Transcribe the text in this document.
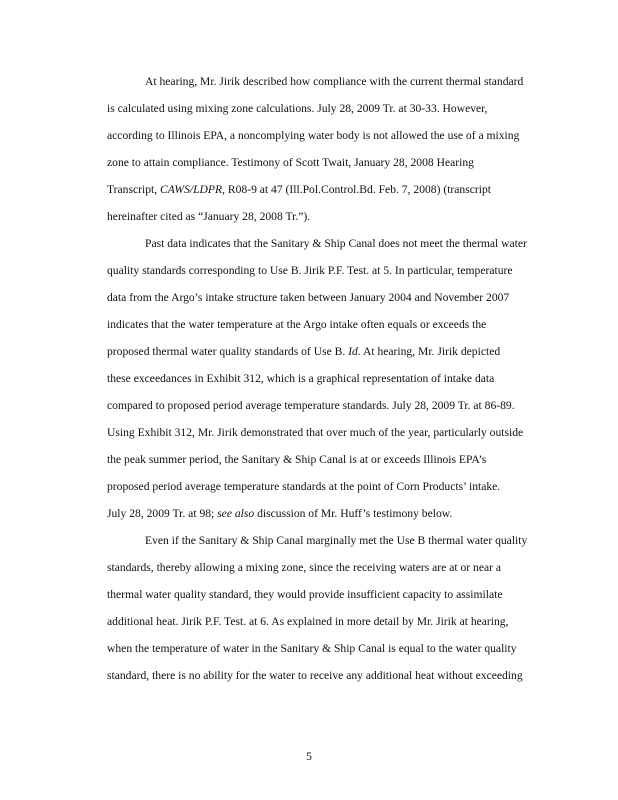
At hearing, Mr. Jirik described how compliance with the current thermal standard
is calculated using mixing zone calculations. July 28, 2009 Tr. at 30-33. However,
according to Illinois EPA, a noncomplying water body is not allowed the use of a mixing
zone to attain compliance. Testimony of Scott Twait, January 28, 2008 Hearing
Transcript, CAWS/LDPR, R08-9 at 47 (Ill.Pol.Control.Bd. Feb. 7, 2008) (transcript
hereinafter cited as “January 28, 2008 Tr.”).

Past data indicates that the Sanitary & Ship Canal does not meet the thermal water
quality standards corresponding to Use B. Jirik P.F. Test. at 5. In particular, temperature
data from the Argo’s intake structure taken between January 2004 and November 2007
indicates that the water temperature at the Argo intake often equals or exceeds the
proposed thermal water quality standards of Use B. Id. At hearing, Mr. Jirik depicted
these exceedances in Exhibit 312, which is a graphical representation of intake data
compared to proposed period average temperature standards. July 28, 2009 Tr. at 86-89.
Using Exhibit 312, Mr. Jirik demonstrated that over much of the year, particularly outside
the peak summer period, the Sanitary & Ship Canal is at or exceeds Illinois EPA’s
proposed period average temperature standards at the point of Corn Products’ intake.
July 28, 2009 Tr. at 98; see also discussion of Mr. Huff’s testimony below.

Even if the Sanitary & Ship Canal marginally met the Use B thermal water quality
standards, thereby allowing a mixing zone, since the receiving waters are at or near a
thermal water quality standard, they would provide insufficient capacity to assimilate
additional heat. Jirik P.F. Test. at 6. As explained in more detail by Mr. Jirik at hearing,
when the temperature of water in the Sanitary & Ship Canal is equal to the water quality
standard, there is no ability for the water to receive any additional heat without exceeding

5
